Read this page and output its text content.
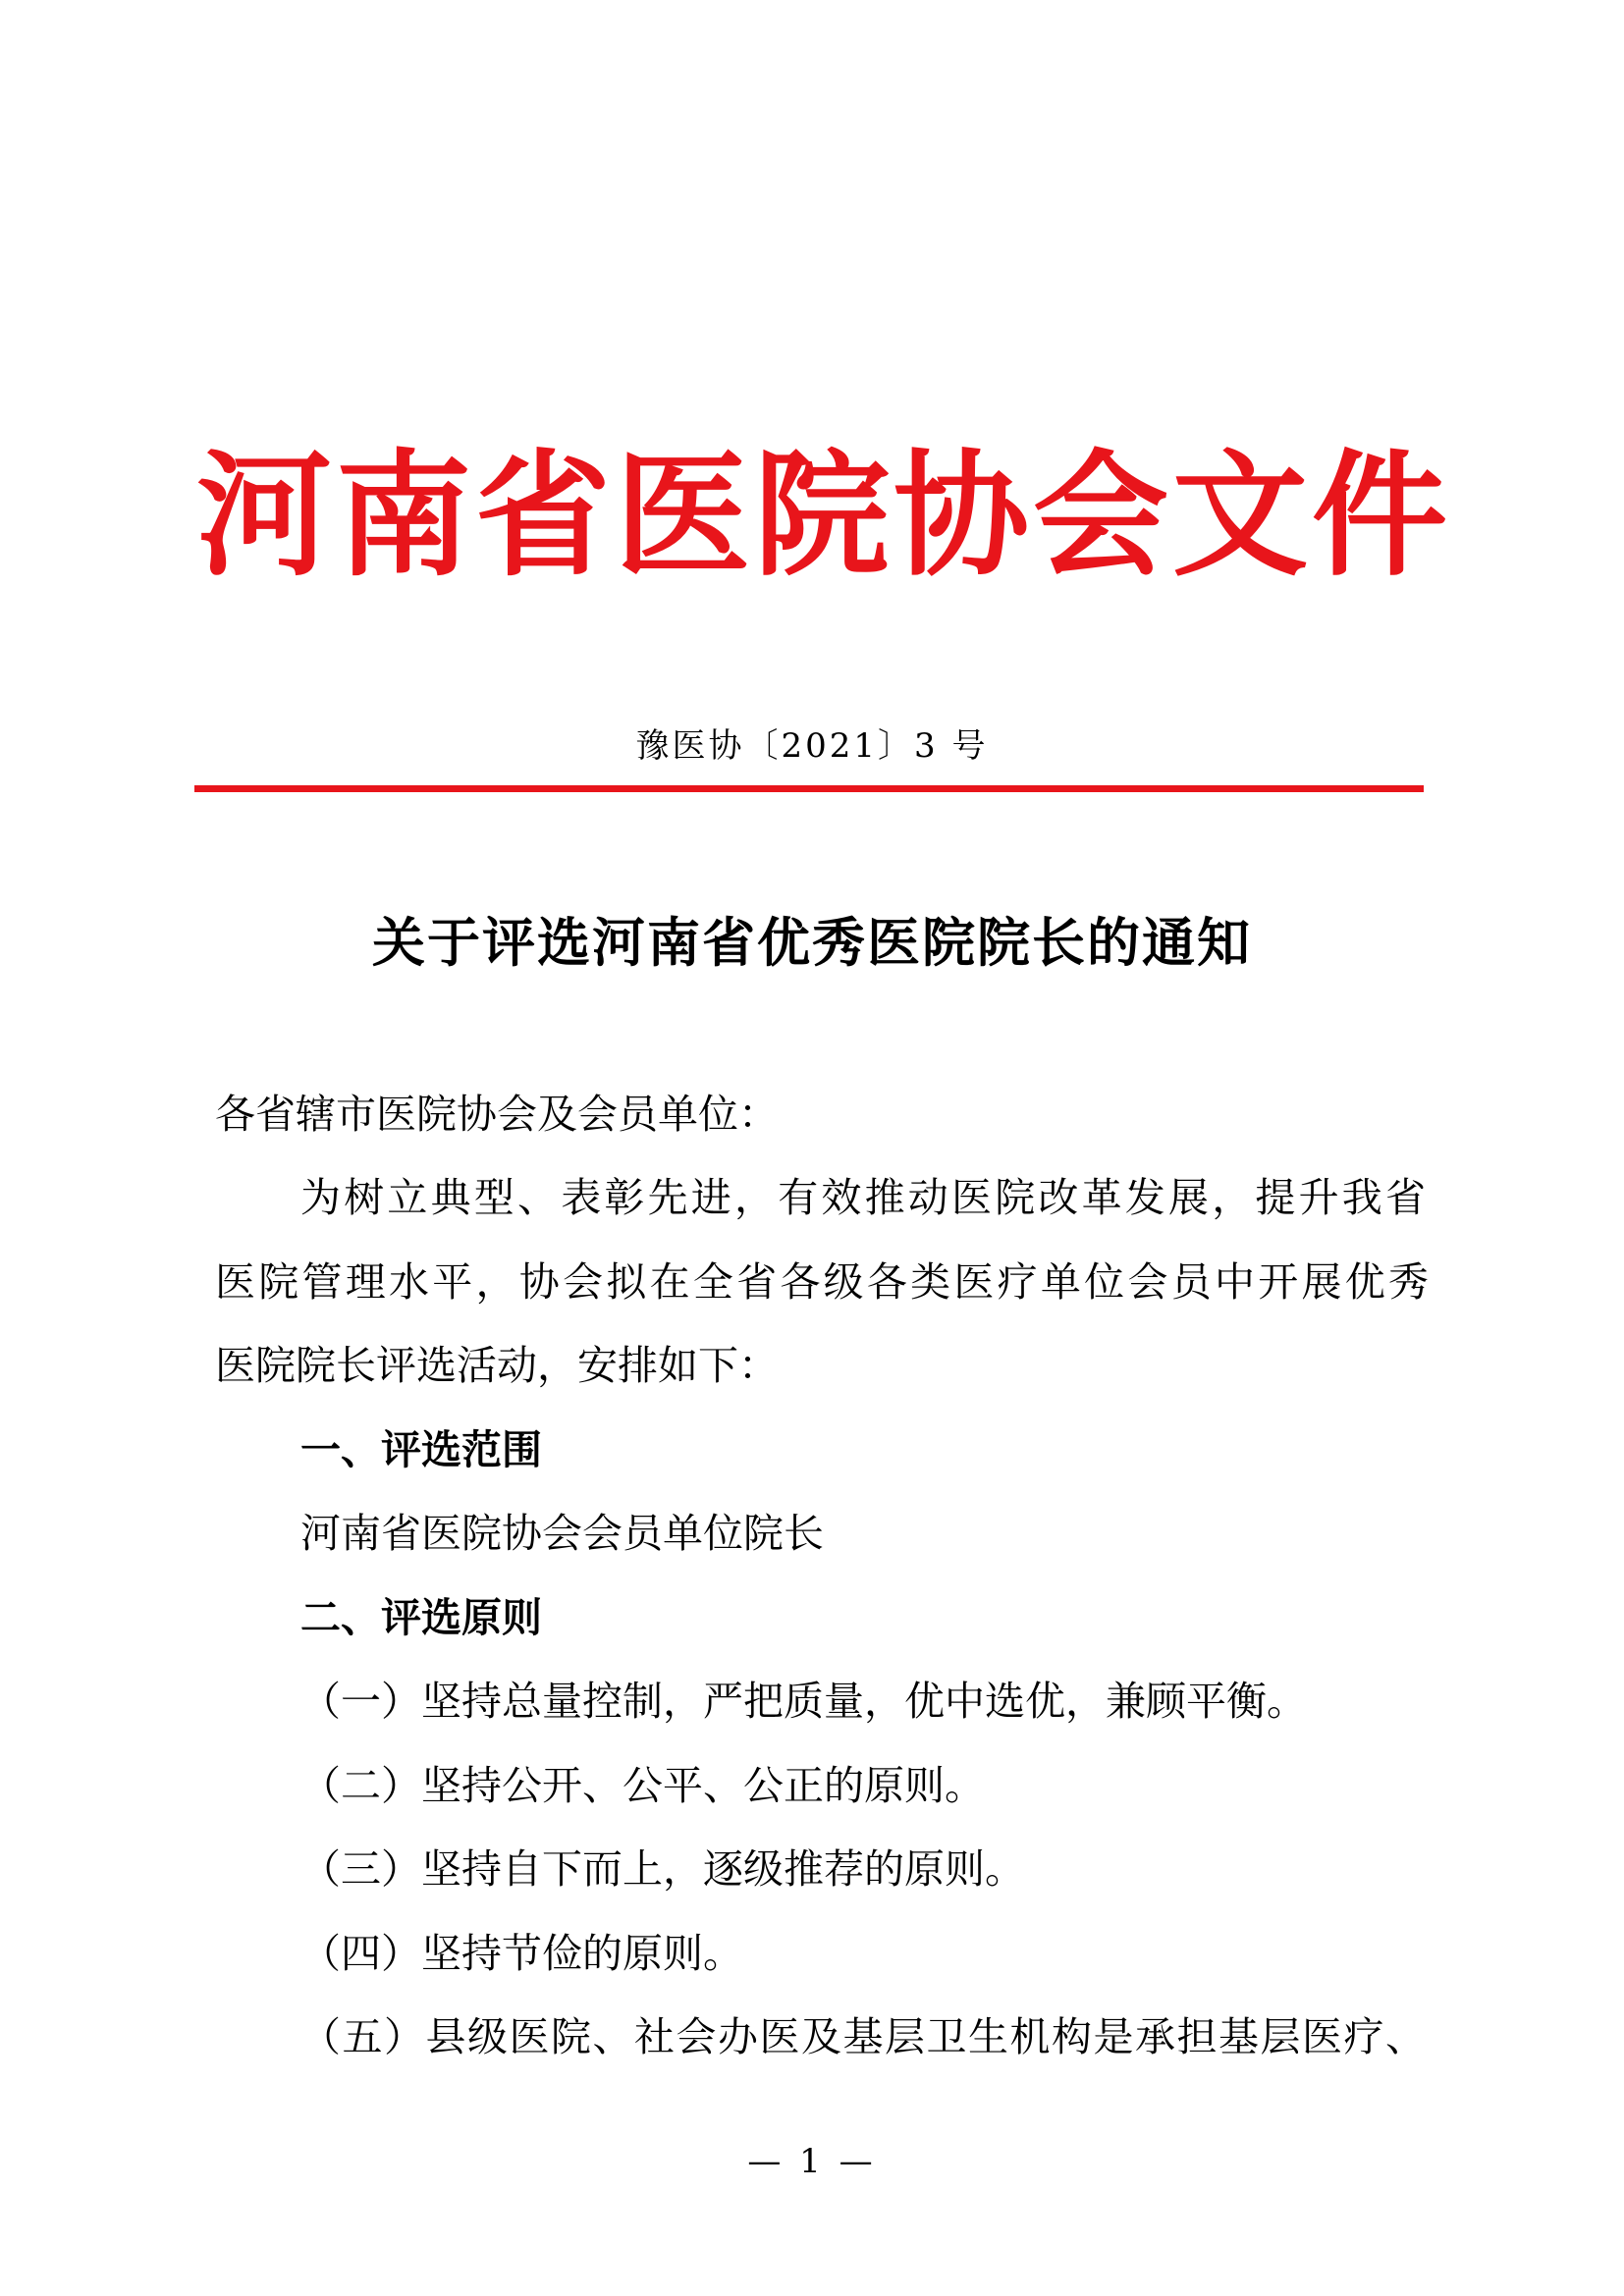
河南省医院协会文件
豫医协〔2021〕3 号
关于评选河南省优秀医院院长的通知
各省辖市医院协会及会员单位：
为树立典型、表彰先进，有效推动医院改革发展，提升我省
医院管理水平，协会拟在全省各级各类医疗单位会员中开展优秀
医院院长评选活动，安排如下：
一、评选范围
河南省医院协会会员单位院长
二、评选原则
（一）坚持总量控制，严把质量，优中选优，兼顾平衡。
（二）坚持公开、公平、公正的原则。
（三）坚持自下而上，逐级推荐的原则。
（四）坚持节俭的原则。
（五）县级医院、社会办医及基层卫生机构是承担基层医疗、
— 1 —
